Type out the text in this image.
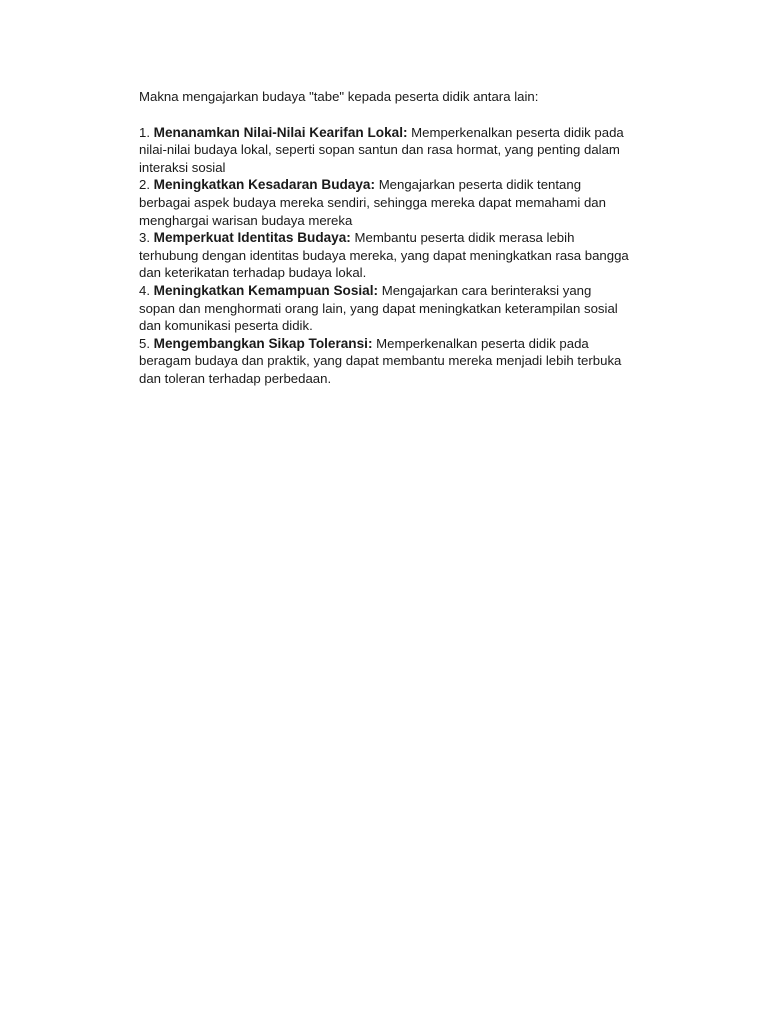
Makna mengajarkan budaya "tabe" kepada peserta didik antara lain:

1. Menanamkan Nilai-Nilai Kearifan Lokal: Memperkenalkan peserta didik pada nilai-nilai budaya lokal, seperti sopan santun dan rasa hormat, yang penting dalam interaksi sosial

2. Meningkatkan Kesadaran Budaya: Mengajarkan peserta didik tentang berbagai aspek budaya mereka sendiri, sehingga mereka dapat memahami dan menghargai warisan budaya mereka

3. Memperkuat Identitas Budaya: Membantu peserta didik merasa lebih terhubung dengan identitas budaya mereka, yang dapat meningkatkan rasa bangga dan keterikatan terhadap budaya lokal.

4. Meningkatkan Kemampuan Sosial: Mengajarkan cara berinteraksi yang sopan dan menghormati orang lain, yang dapat meningkatkan keterampilan sosial dan komunikasi peserta didik.

5. Mengembangkan Sikap Toleransi: Memperkenalkan peserta didik pada beragam budaya dan praktik, yang dapat membantu mereka menjadi lebih terbuka dan toleran terhadap perbedaan.
